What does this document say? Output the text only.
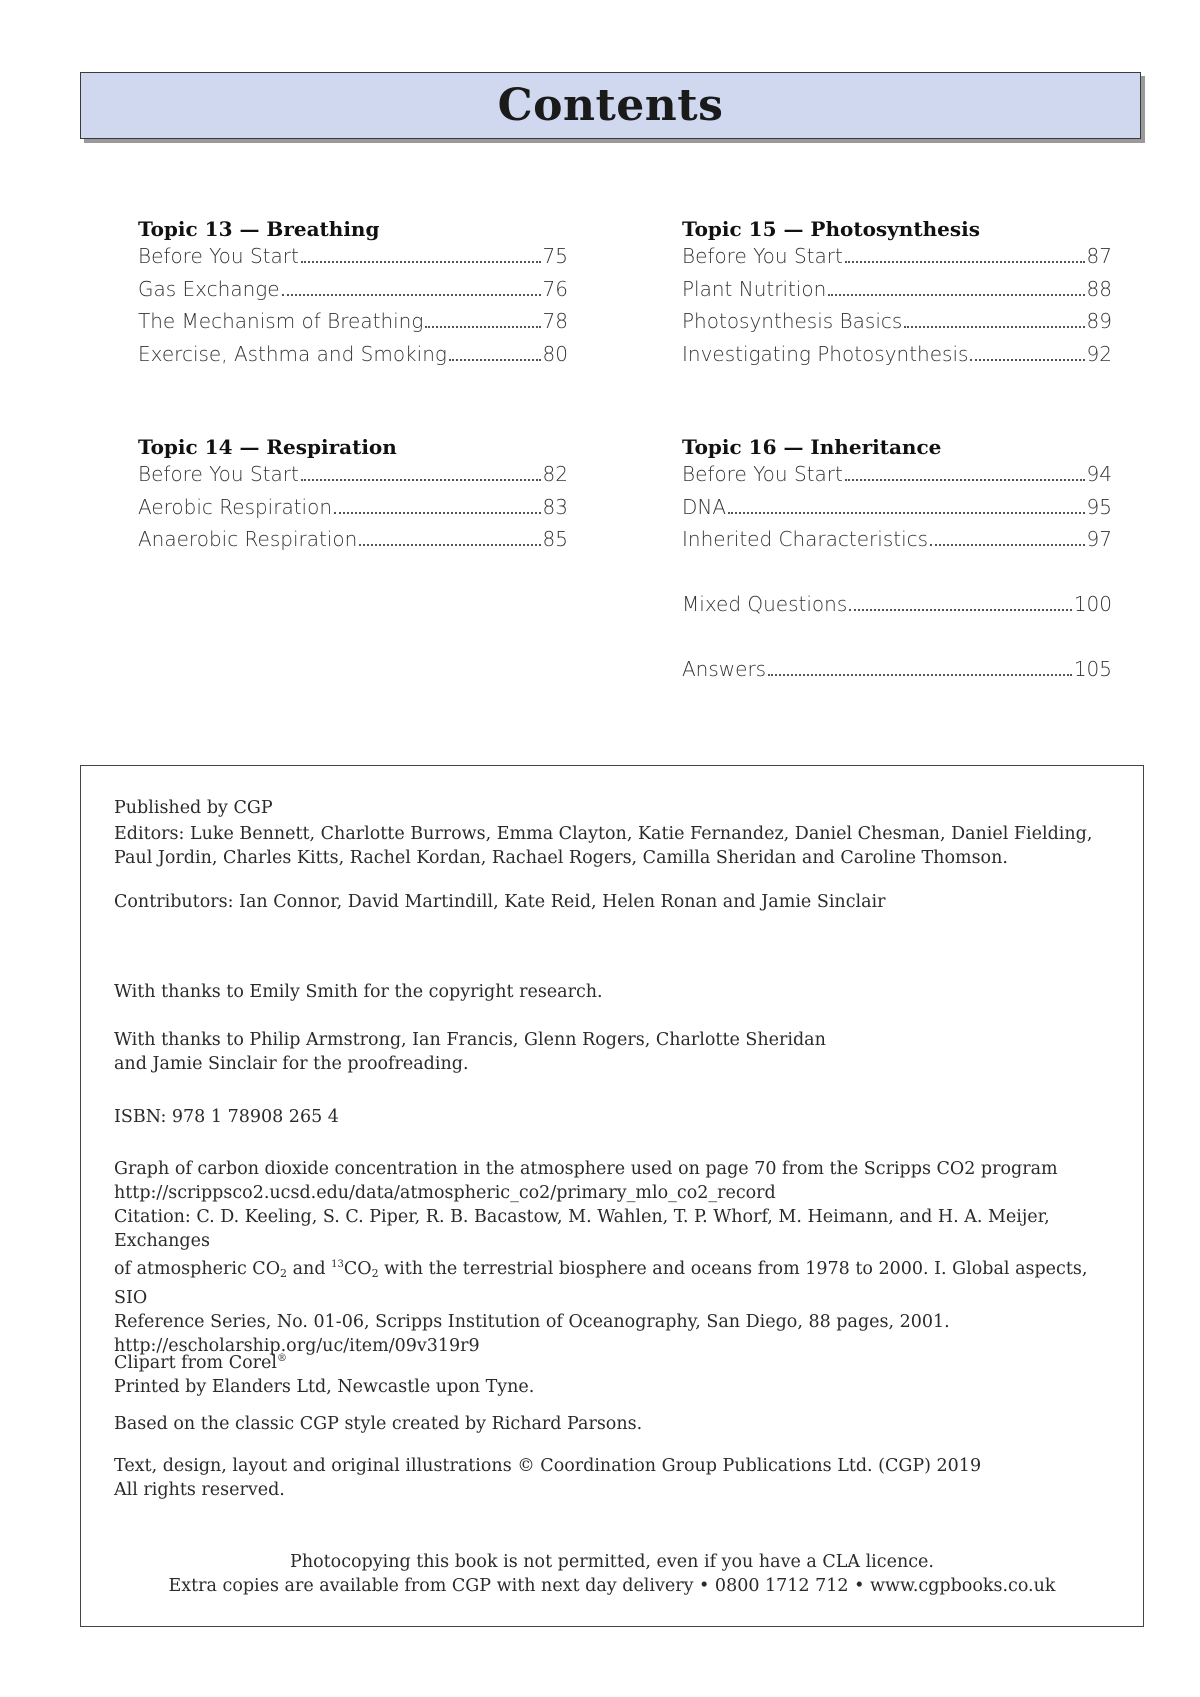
Contents
Topic 13 — Breathing
Before You Start	75
Gas Exchange	76
The Mechanism of Breathing	78
Exercise, Asthma and Smoking	80
Topic 14 — Respiration
Before You Start	82
Aerobic Respiration	83
Anaerobic Respiration	85
Topic 15 — Photosynthesis
Before You Start	87
Plant Nutrition	88
Photosynthesis Basics	89
Investigating Photosynthesis	92
Topic 16 — Inheritance
Before You Start	94
DNA	95
Inherited Characteristics	97
Mixed Questions	100
Answers	105

Published by CGP

Editors: Luke Bennett, Charlotte Burrows, Emma Clayton, Katie Fernandez, Daniel Chesman, Daniel Fielding,

Paul Jordin, Charles Kitts, Rachel Kordan, Rachael Rogers, Camilla Sheridan and Caroline Thomson.

Contributors: Ian Connor, David Martindill, Kate Reid, Helen Ronan and Jamie Sinclair

With thanks to Emily Smith for the copyright research.

With thanks to Philip Armstrong, Ian Francis, Glenn Rogers, Charlotte Sheridan

and Jamie Sinclair for the proofreading.

ISBN: 978 1 78908 265 4

Graph of carbon dioxide concentration in the atmosphere used on page 70 from the Scripps CO2 program

http://scrippsco2.ucsd.edu/data/atmospheric_co2/primary_mlo_co2_record

Citation: C. D. Keeling, S. C. Piper, R. B. Bacastow, M. Wahlen, T. P. Whorf, M. Heimann, and H. A. Meijer, Exchanges

of atmospheric $CO_2$ and $^{13}CO_2$ with the terrestrial biosphere and oceans from 1978 to 2000. I. Global aspects, SIO

Reference Series, No. 01-06, Scripps Institution of Oceanography, San Diego, 88 pages, 2001.

http://escholarship.org/uc/item/09v319r9

Clipart from Corel®

Printed by Elanders Ltd, Newcastle upon Tyne.

Based on the classic CGP style created by Richard Parsons.

Text, design, layout and original illustrations © Coordination Group Publications Ltd. (CGP) 2019

All rights reserved.

Photocopying this book is not permitted, even if you have a CLA licence.

Extra copies are available from CGP with next day delivery • 0800 1712 712 • www.cgpbooks.co.uk
